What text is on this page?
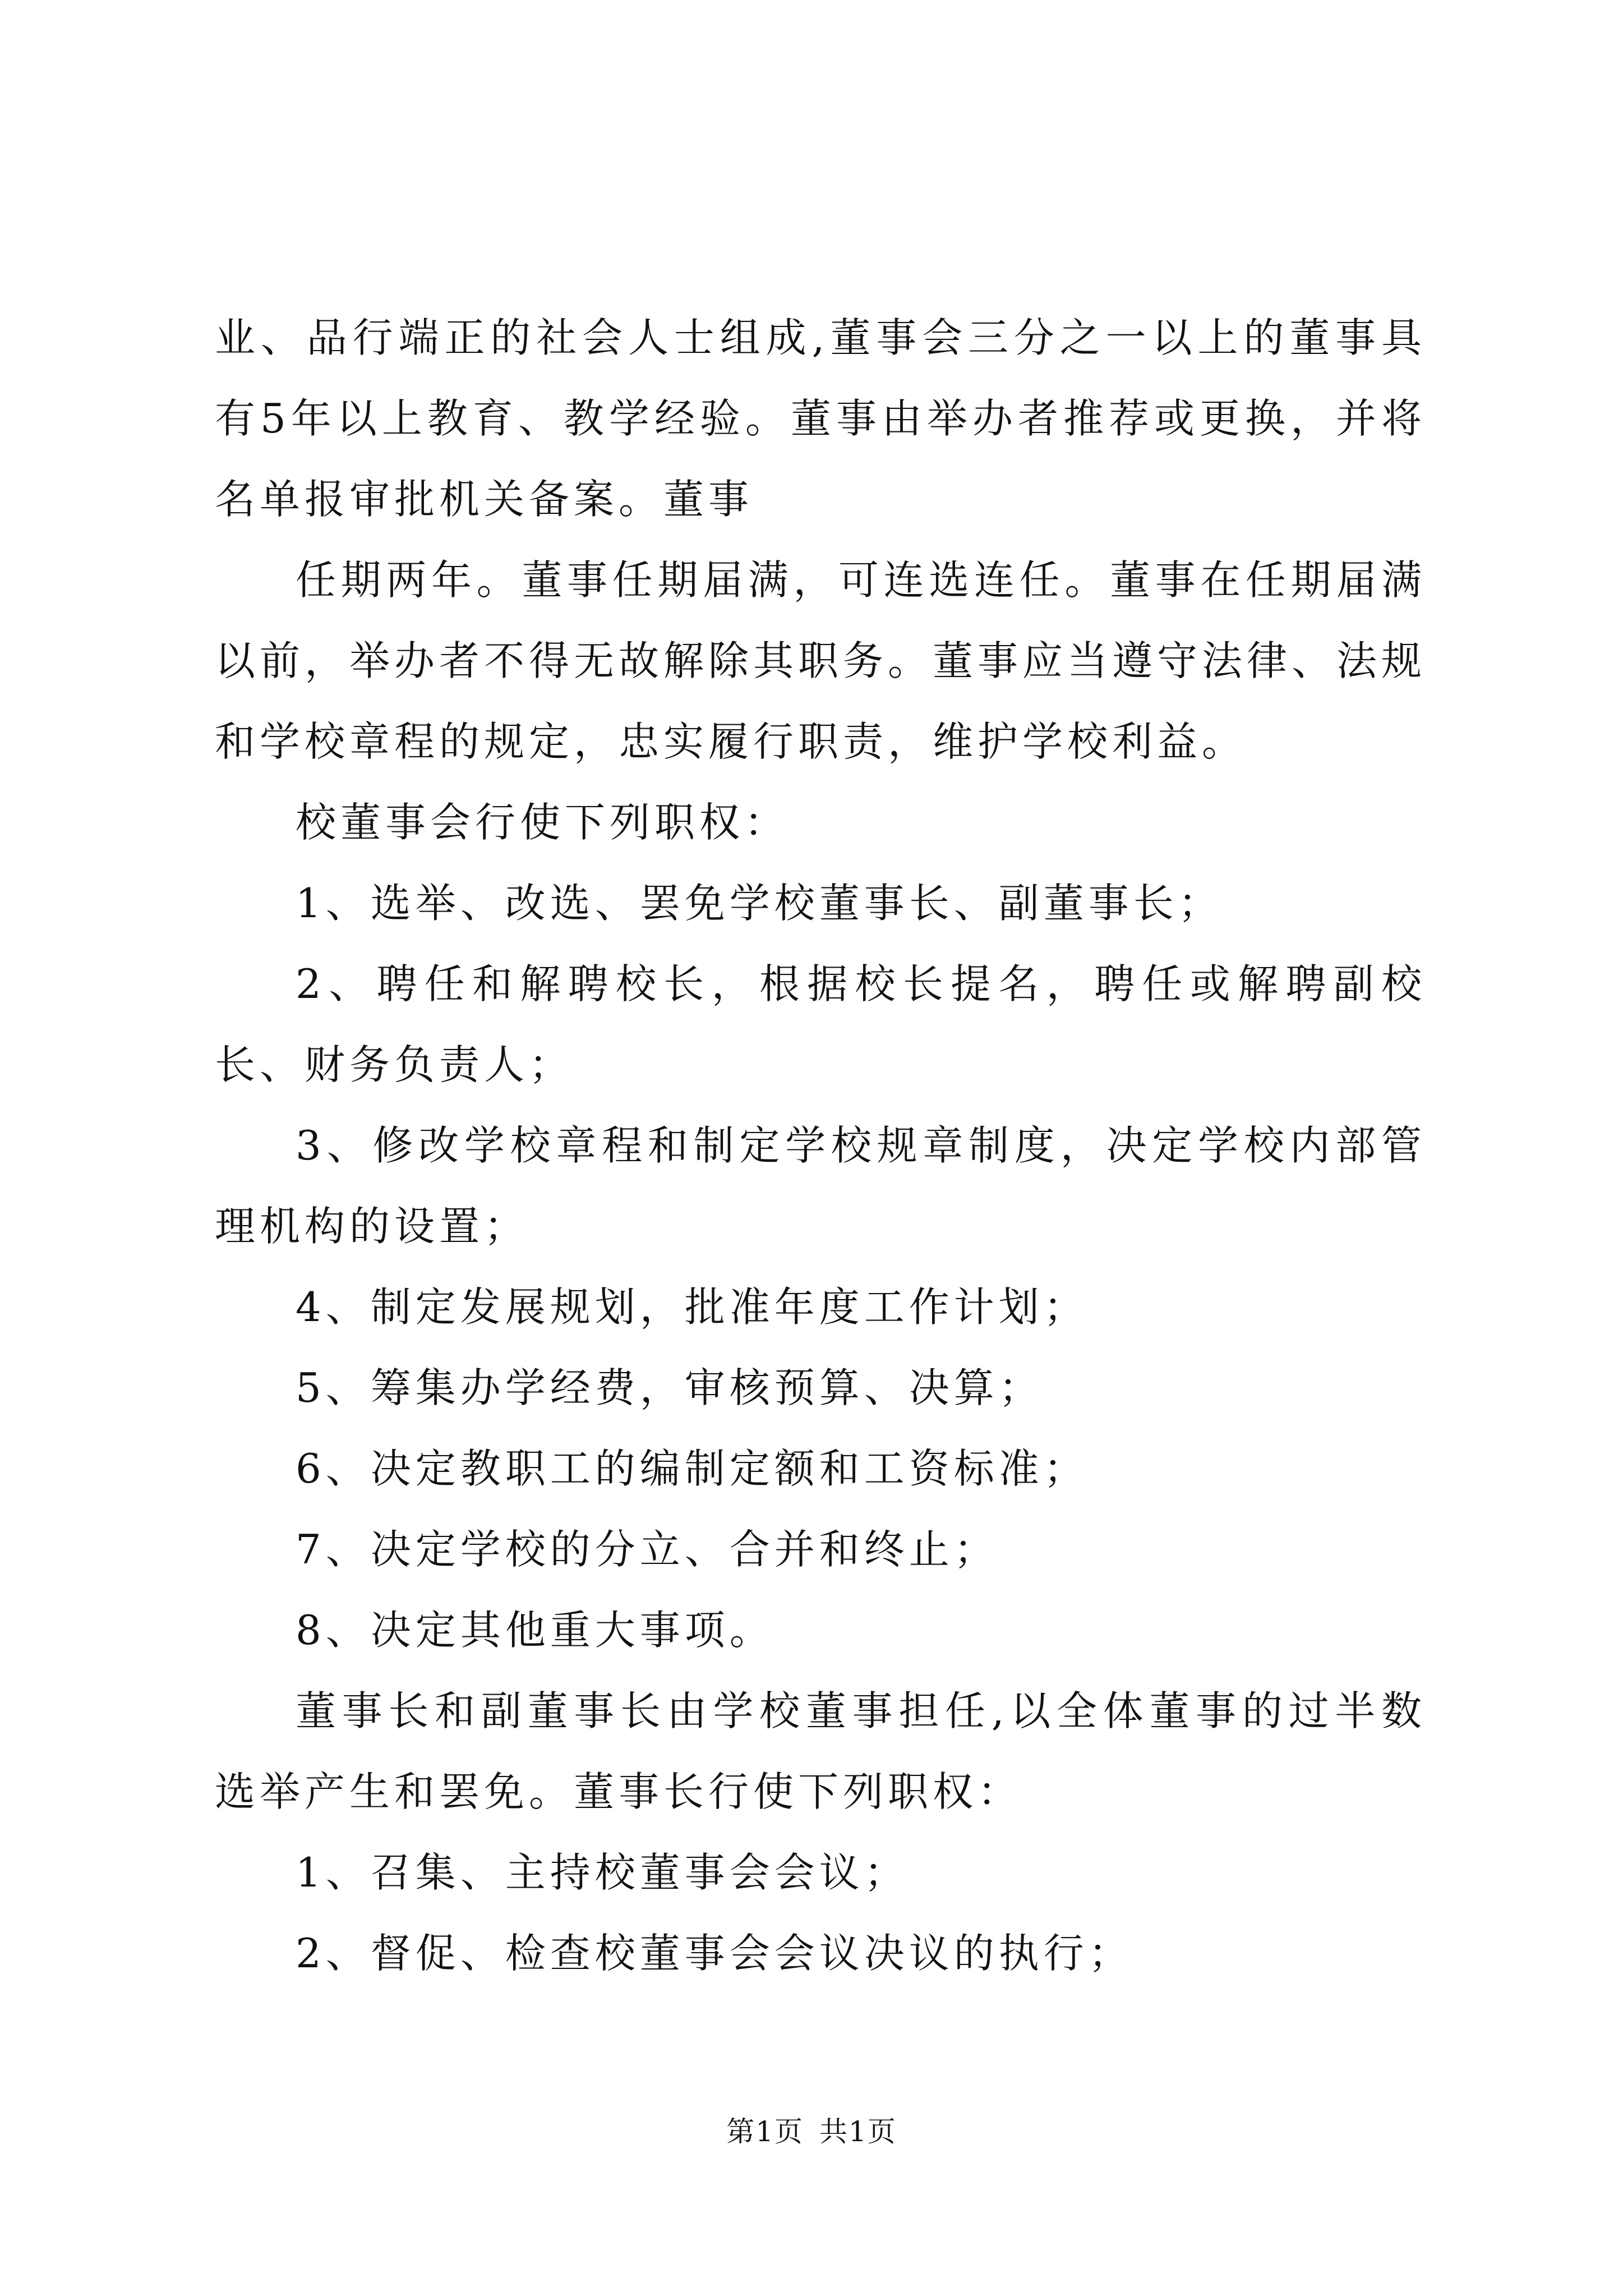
业、品行端正的社会人士组成,董事会三分之一以上的董事具有5年以上教育、教学经验。董事由举办者推荐或更换，并将名单报审批机关备案。董事

任期两年。董事任期届满，可连选连任。董事在任期届满以前，举办者不得无故解除其职务。董事应当遵守法律、法规和学校章程的规定，忠实履行职责，维护学校利益。

校董事会行使下列职权：

1、选举、改选、罢免学校董事长、副董事长；

2、聘任和解聘校长，根据校长提名，聘任或解聘副校长、财务负责人；

3、修改学校章程和制定学校规章制度，决定学校内部管理机构的设置；

4、制定发展规划，批准年度工作计划；

5、筹集办学经费，审核预算、决算；

6、决定教职工的编制定额和工资标准；

7、决定学校的分立、合并和终止；

8、决定其他重大事项。

董事长和副董事长由学校董事担任,以全体董事的过半数选举产生和罢免。董事长行使下列职权：

1、召集、主持校董事会会议；

2、督促、检查校董事会会议决议的执行；

第1页 共1页
